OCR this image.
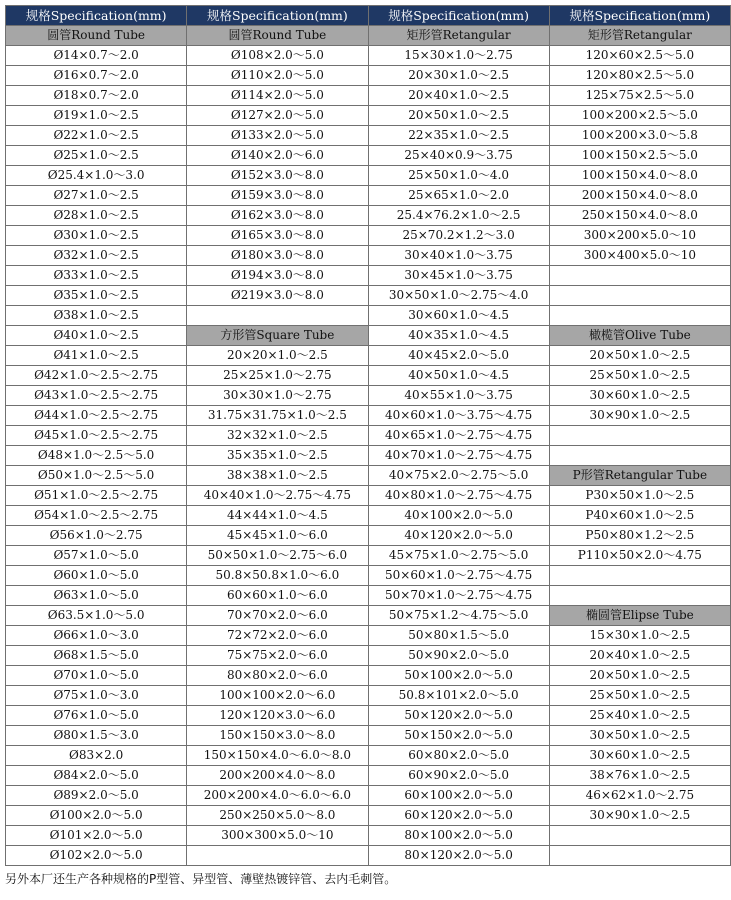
规格Specification(mm)	规格Specification(mm)	规格Specification(mm)	规格Specification(mm)
圆管Round Tube	圆管Round Tube	矩形管Retangular	矩形管Retangular
Ø14×0.7～2.0	Ø108×2.0～5.0	15×30×1.0～2.75	120×60×2.5～5.0
Ø16×0.7～2.0	Ø110×2.0～5.0	20×30×1.0～2.5	120×80×2.5～5.0
Ø18×0.7～2.0	Ø114×2.0～5.0	20×40×1.0～2.5	125×75×2.5～5.0
Ø19×1.0～2.5	Ø127×2.0～5.0	20×50×1.0～2.5	100×200×2.5～5.0
Ø22×1.0～2.5	Ø133×2.0～5.0	22×35×1.0～2.5	100×200×3.0～5.8
Ø25×1.0～2.5	Ø140×2.0～6.0	25×40×0.9～3.75	100×150×2.5～5.0
Ø25.4×1.0～3.0	Ø152×3.0～8.0	25×50×1.0～4.0	100×150×4.0～8.0
Ø27×1.0～2.5	Ø159×3.0～8.0	25×65×1.0～2.0	200×150×4.0～8.0
Ø28×1.0～2.5	Ø162×3.0～8.0	25.4×76.2×1.0～2.5	250×150×4.0～8.0
Ø30×1.0～2.5	Ø165×3.0～8.0	25×70.2×1.2～3.0	300×200×5.0～10
Ø32×1.0～2.5	Ø180×3.0～8.0	30×40×1.0～3.75	300×400×5.0～10
Ø33×1.0～2.5	Ø194×3.0～8.0	30×45×1.0～3.75	
Ø35×1.0～2.5	Ø219×3.0～8.0	30×50×1.0～2.75～4.0	
Ø38×1.0～2.5		30×60×1.0～4.5	
Ø40×1.0～2.5	方形管Square Tube	40×35×1.0～4.5	橄榄管Olive Tube
Ø41×1.0～2.5	20×20×1.0～2.5	40×45×2.0～5.0	20×50×1.0～2.5
Ø42×1.0～2.5～2.75	25×25×1.0～2.75	40×50×1.0～4.5	25×50×1.0～2.5
Ø43×1.0～2.5～2.75	30×30×1.0～2.75	40×55×1.0～3.75	30×60×1.0～2.5
Ø44×1.0～2.5～2.75	31.75×31.75×1.0～2.5	40×60×1.0～3.75～4.75	30×90×1.0～2.5
Ø45×1.0～2.5～2.75	32×32×1.0～2.5	40×65×1.0～2.75～4.75	
Ø48×1.0～2.5～5.0	35×35×1.0～2.5	40×70×1.0～2.75～4.75	
Ø50×1.0～2.5～5.0	38×38×1.0～2.5	40×75×2.0～2.75～5.0	P形管Retangular Tube
Ø51×1.0～2.5～2.75	40×40×1.0～2.75～4.75	40×80×1.0～2.75～4.75	P30×50×1.0～2.5
Ø54×1.0～2.5～2.75	44×44×1.0～4.5	40×100×2.0～5.0	P40×60×1.0～2.5
Ø56×1.0～2.75	45×45×1.0～6.0	40×120×2.0～5.0	P50×80×1.2～2.5
Ø57×1.0～5.0	50×50×1.0～2.75～6.0	45×75×1.0～2.75～5.0	P110×50×2.0～4.75
Ø60×1.0～5.0	50.8×50.8×1.0～6.0	50×60×1.0～2.75～4.75	
Ø63×1.0～5.0	60×60×1.0～6.0	50×70×1.0～2.75～4.75	
Ø63.5×1.0～5.0	70×70×2.0～6.0	50×75×1.2～4.75～5.0	椭圆管Elipse Tube
Ø66×1.0～3.0	72×72×2.0～6.0	50×80×1.5～5.0	15×30×1.0～2.5
Ø68×1.5～5.0	75×75×2.0～6.0	50×90×2.0～5.0	20×40×1.0～2.5
Ø70×1.0～5.0	80×80×2.0～6.0	50×100×2.0～5.0	20×50×1.0～2.5
Ø75×1.0～3.0	100×100×2.0～6.0	50.8×101×2.0～5.0	25×50×1.0～2.5
Ø76×1.0～5.0	120×120×3.0～6.0	50×120×2.0～5.0	25×40×1.0～2.5
Ø80×1.5～3.0	150×150×3.0～8.0	50×150×2.0～5.0	30×50×1.0～2.5
Ø83×2.0	150×150×4.0～6.0～8.0	60×80×2.0～5.0	30×60×1.0～2.5
Ø84×2.0～5.0	200×200×4.0～8.0	60×90×2.0～5.0	38×76×1.0～2.5
Ø89×2.0～5.0	200×200×4.0～6.0～6.0	60×100×2.0～5.0	46×62×1.0～2.75
Ø100×2.0～5.0	250×250×5.0～8.0	60×120×2.0～5.0	30×90×1.0～2.5
Ø101×2.0～5.0	300×300×5.0～10	80×100×2.0～5.0	
Ø102×2.0～5.0		80×120×2.0～5.0	
另外本厂还生产各种规格的P型管、异型管、薄壁热镀锌管、去内毛刺管。
